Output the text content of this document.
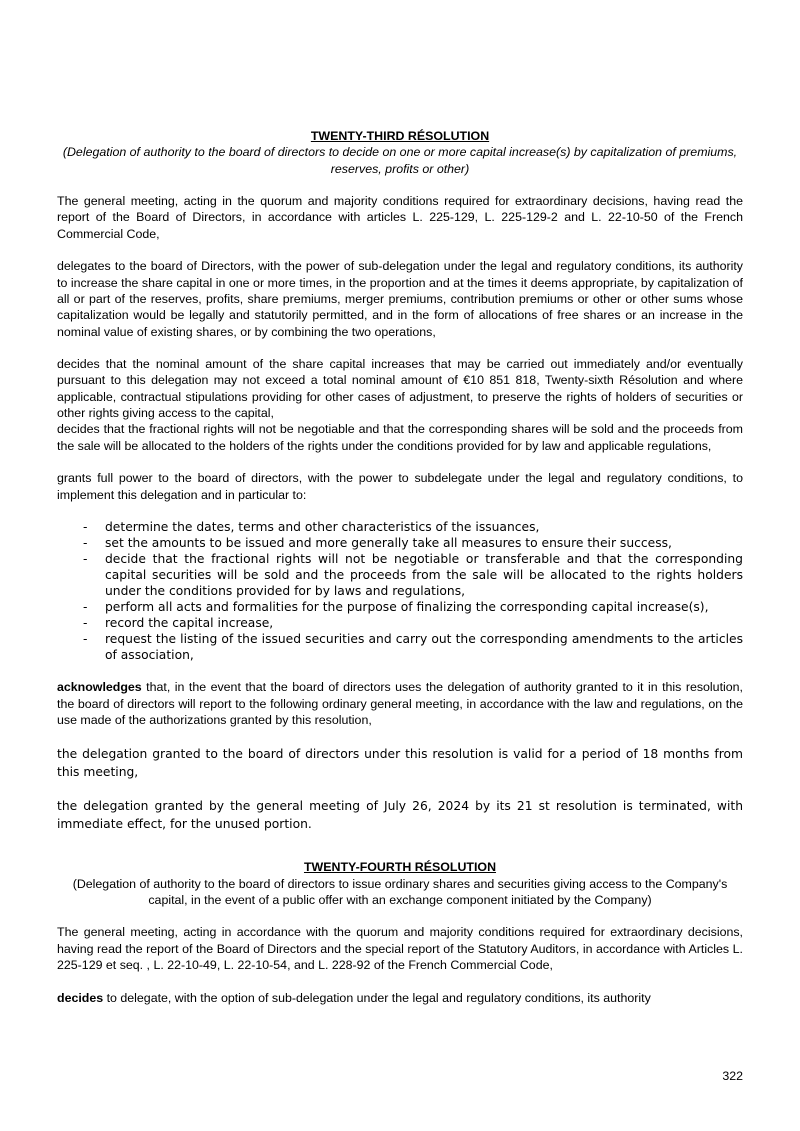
TWENTY-THIRD RÉSOLUTION

(Delegation of authority to the board of directors to decide on one or more capital increase(s) by capitalization of premiums, reserves, profits or other)

The general meeting, acting in the quorum and majority conditions required for extraordinary decisions, having read the report of the Board of Directors, in accordance with articles L. 225-129, L. 225-129-2 and L. 22-10-50 of the French Commercial Code,

delegates to the board of Directors, with the power of sub-delegation under the legal and regulatory conditions, its authority to increase the share capital in one or more times, in the proportion and at the times it deems appropriate, by capitalization of all or part of the reserves, profits, share premiums, merger premiums, contribution premiums or other or other sums whose capitalization would be legally and statutorily permitted, and in the form of allocations of free shares or an increase in the nominal value of existing shares, or by combining the two operations,

decides that the nominal amount of the share capital increases that may be carried out immediately and/or eventually pursuant to this delegation may not exceed a total nominal amount of €10 851 818, Twenty-sixth Résolution and where applicable, contractual stipulations providing for other cases of adjustment, to preserve the rights of holders of securities or other rights giving access to the capital,

decides that the fractional rights will not be negotiable and that the corresponding shares will be sold and the proceeds from the sale will be allocated to the holders of the rights under the conditions provided for by law and applicable regulations,

grants full power to the board of directors, with the power to subdelegate under the legal and regulatory conditions, to implement this delegation and in particular to:

- determine the dates, terms and other characteristics of the issuances,
- set the amounts to be issued and more generally take all measures to ensure their success,
- decide that the fractional rights will not be negotiable or transferable and that the corresponding capital securities will be sold and the proceeds from the sale will be allocated to the rights holders under the conditions provided for by laws and regulations,
- perform all acts and formalities for the purpose of finalizing the corresponding capital increase(s),
- record the capital increase,
- request the listing of the issued securities and carry out the corresponding amendments to the articles of association,

acknowledges that, in the event that the board of directors uses the delegation of authority granted to it in this resolution, the board of directors will report to the following ordinary general meeting, in accordance with the law and regulations, on the use made of the authorizations granted by this resolution,

the delegation granted to the board of directors under this resolution is valid for a period of 18 months from this meeting,

the delegation granted by the general meeting of July 26, 2024 by its 21 st resolution is terminated, with immediate effect, for the unused portion.

TWENTY-FOURTH RÉSOLUTION

(Delegation of authority to the board of directors to issue ordinary shares and securities giving access to the Company's capital, in the event of a public offer with an exchange component initiated by the Company)

The general meeting, acting in accordance with the quorum and majority conditions required for extraordinary decisions, having read the report of the Board of Directors and the special report of the Statutory Auditors, in accordance with Articles L. 225-129 et seq. , L. 22-10-49, L. 22-10-54, and L. 228-92 of the French Commercial Code,

decides to delegate, with the option of sub-delegation under the legal and regulatory conditions, its authority

322
